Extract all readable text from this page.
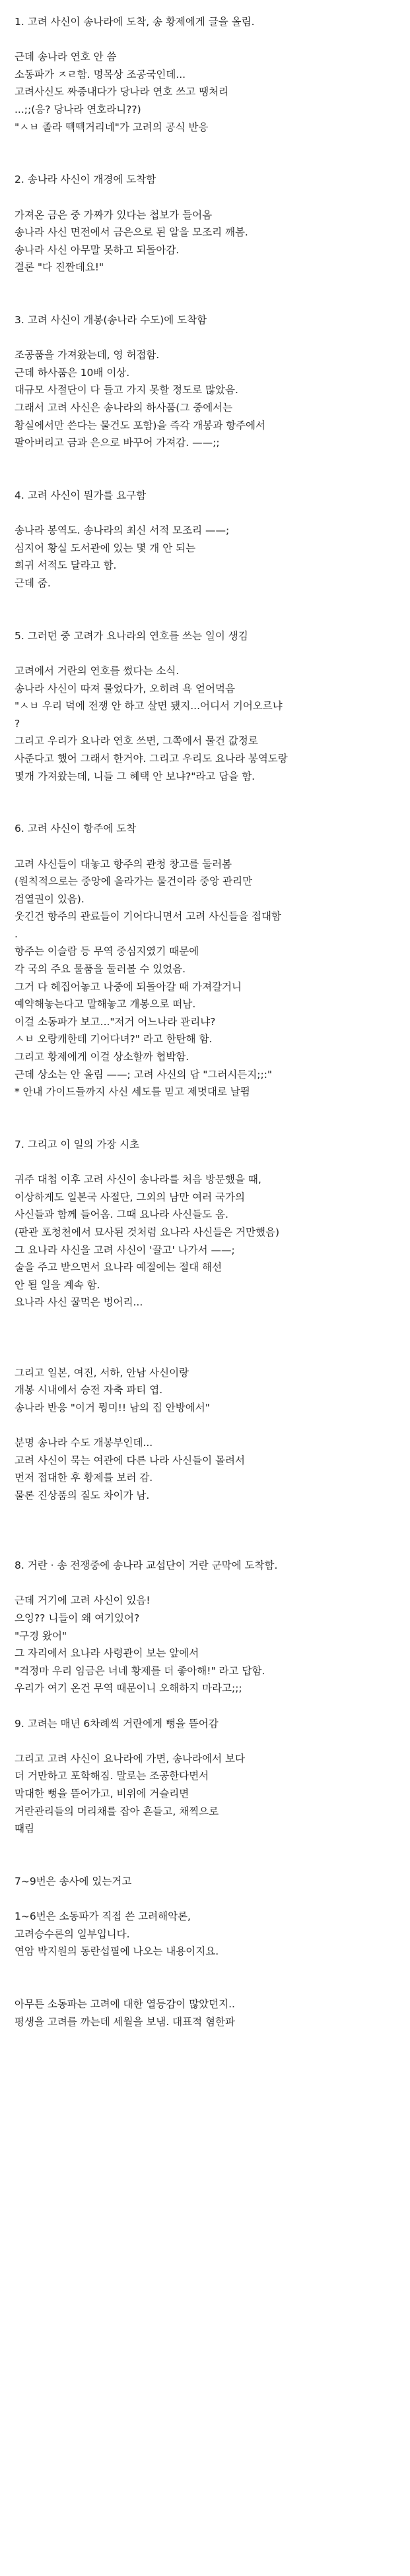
1. 고려 사신이 송나라에 도착, 송 황제에게 글을 올림.
근데 송나라 연호 안 씀
소동파가 ㅈㄹ함. 명목상 조공국인데...
고려사신도 짜증내다가 당나라 연호 쓰고 땡처리
...;;(응? 당나라 연호라니??)
"ㅅㅂ 졸라 떽떽거리네"가 고려의 공식 반응
2. 송나라 사신이 개경에 도착함
가져온 금은 중 가짜가 있다는 첩보가 들어옴
송나라 사신 면전에서 금은으로 된 알을 모조리 깨봄.
송나라 사신 아무말 못하고 되돌아감.
결론 "다 진짠데요!"
3. 고려 사신이 개봉(송나라 수도)에 도착함
조공품을 가져왔는데, 영 허접함.
근데 하사품은 10배 이상.
대규모 사절단이 다 들고 가지 못할 정도로 많았음.
그래서 고려 사신은 송나라의 하사품(그 중에서는
황실에서만 쓴다는 물건도 포함)을 즉각 개봉과 항주에서
팔아버리고 금과 은으로 바꾸어 가져감. ——;;
4. 고려 사신이 뭔가를 요구함
송나라 봉역도. 송나라의 최신 서적 모조리 ——;
심지어 황실 도서관에 있는 몇 개 안 되는
희귀 서적도 달라고 함.
근데 줌.
5. 그러던 중 고려가 요나라의 연호를 쓰는 일이 생김
고려에서 거란의 연호를 썼다는 소식.
송나라 사신이 따져 물었다가, 오히려 욕 얻어먹음
"ㅅㅂ 우리 덕에 전쟁 안 하고 살면 됐지...어디서 기어오르냐
?
그리고 우리가 요나라 연호 쓰면, 그쪽에서 물건 값정로
사준다고 했어 그래서 한거야. 그리고 우리도 요나라 봉역도랑
몇개 가져왔는데, 니들 그 혜택 안 보냐?"라고 답을 함.
6. 고려 사신이 항주에 도착
고려 사신들이 대놓고 항주의 관청 창고를 둘러봄
(원칙적으로는 중앙에 올라가는 물건이라 중앙 관리만
검열권이 있음).
웃긴건 항주의 관료들이 기어다니면서 고려 사신들을 접대함
.
항주는 이슬람 등 무역 중심지였기 때문에
각 국의 주요 물품을 둘러볼 수 있었음.
그거 다 헤집어놓고 나중에 되돌아갈 때 가져갈거니
예약해놓는다고 말해놓고 개봉으로 떠남.
이걸 소동파가 보고..."저거 어느나라 관리냐?
ㅅㅂ 오랑캐한테 기어다녀?" 라고 한탄해 함.
그리고 황제에게 이걸 상소할까 협박함.
근데 상소는 안 올림 ——; 고려 사신의 답 "그러시든지;;:"
* 안내 가이드들까지 사신 세도를 믿고 제멋대로 날뜀
7. 그리고 이 일의 가장 시초
귀주 대첩 이후 고려 사신이 송나라를 처음 방문했을 때,
이상하게도 일본국 사절단, 그외의 남만 여러 국가의
사신들과 함께 들어옴. 그때 요나라 사신들도 옴.
(판관 포청천에서 묘사된 것처럼 요나라 사신들은 거만했음)
그 요나라 사신을 고려 사신이 '끌고' 나가서 ——;
술을 주고 받으면서 요나라 예절에는 절대 해선
안 될 일을 계속 함.
요나라 사신 꿀먹은 벙어리...
그리고 일본, 여진, 서하, 안남 사신이랑
개봉 시내에서 승전 자축 파티 엽.
송나라 반응 "이거 뭥미!! 남의 집 안방에서"
분명 송나라 수도 개봉부인데...
고려 사신이 묵는 여관에 다른 나라 사신들이 몰려서
먼저 접대한 후 황제를 보러 감.
물론 진상품의 질도 차이가 남.
8. 거란 · 송 전쟁중에 송나라 교섭단이 거란 군막에 도착함.
근데 거기에 고려 사신이 있음!
으잉?? 니들이 왜 여기있어?
"구경 왔어"
그 자리에서 요나라 사령관이 보는 앞에서
"걱정마 우리 임금은 너네 황제를 더 좋아해!" 라고 답함.
우리가 여기 온건 무역 때문이니 오해하지 마라고;;;
9. 고려는 매년 6차례씩 거란에게 뻥을 뜯어감
그리고 고려 사신이 요나라에 가면, 송나라에서 보다
더 거만하고 포학해짐. 말로는 조공한다면서
막대한 뻥을 뜯어가고, 비위에 거슬리면
거란관리들의 머리채를 잡아 흔들고, 채찍으로
때림
7~9번은 송사에 있는거고
1~6번은 소동파가 직접 쓴 고려해악론,
고려승수론의 일부입니다.
연암 박지원의 동란섭필에 나오는 내용이지요.
아무튼 소동파는 고려에 대한 열등감이 많았던지..
평생을 고려를 까는데 세월을 보냄. 대표적 혐한파
